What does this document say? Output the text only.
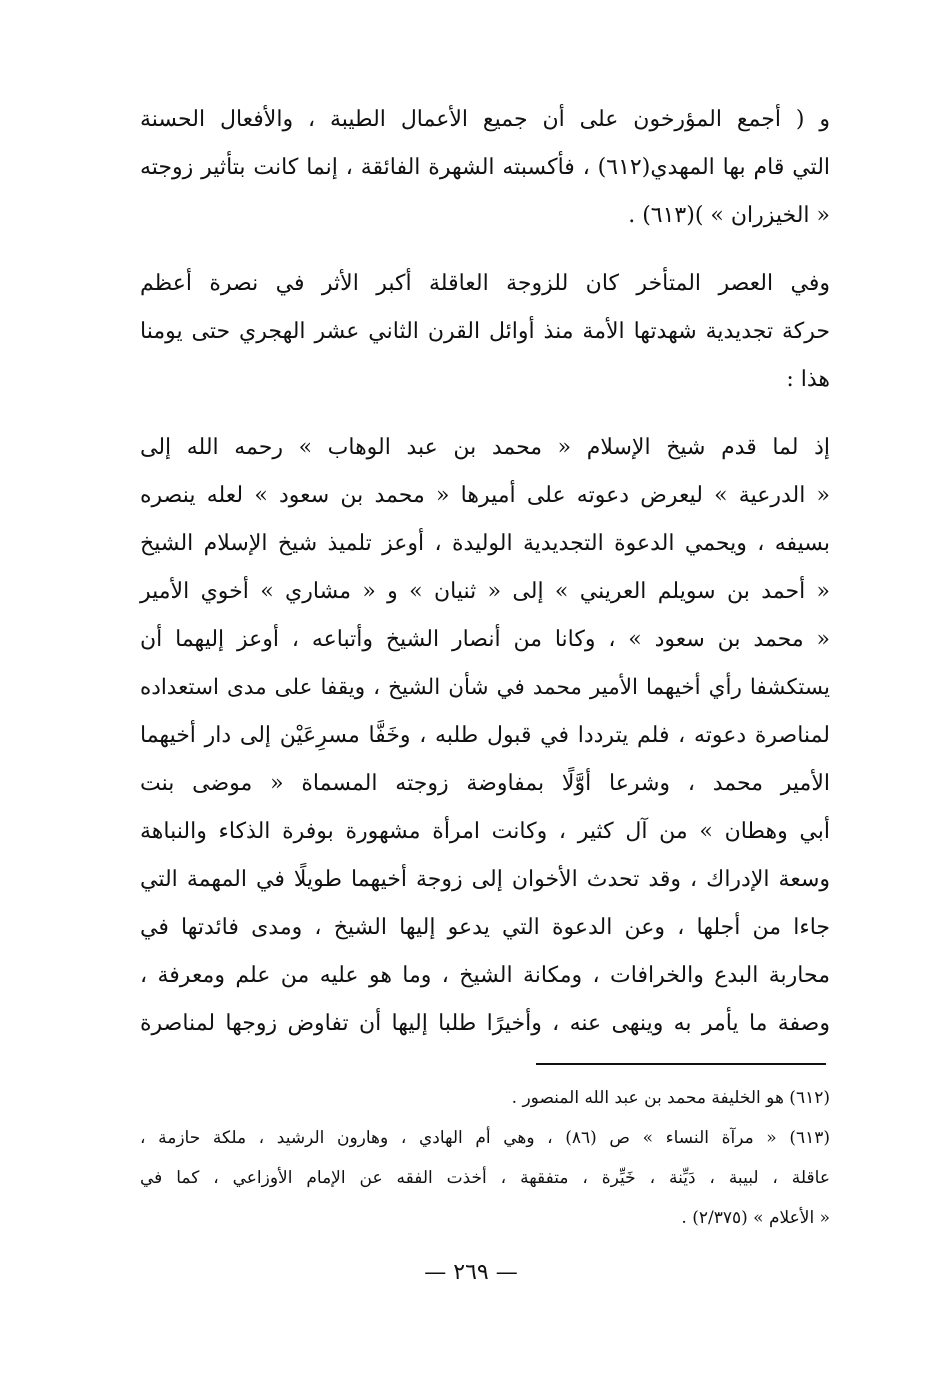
و ( أجمع المؤرخون على أن جميع الأعمال الطيبة ، والأفعال الحسنة
التي قام بها المهدي(٦١٢) ، فأكسبته الشهرة الفائقة ، إنما كانت بتأثير زوجته
« الخيزران » )(٦١٣) .
وفي العصر المتأخر كان للزوجة العاقلة أكبر الأثر في نصرة أعظم
حركة تجديدية شهدتها الأمة منذ أوائل القرن الثاني عشر الهجري حتى يومنا
هذا :
إذ لما قدم شيخ الإسلام « محمد بن عبد الوهاب » رحمه الله إلى
« الدرعية » ليعرض دعوته على أميرها « محمد بن سعود » لعله ينصره
بسيفه ، ويحمي الدعوة التجديدية الوليدة ، أوعز تلميذ شيخ الإسلام الشيخ
« أحمد بن سويلم العريني » إلى « ثنيان » و « مشاري » أخوي الأمير
« محمد بن سعود » ، وكانا من أنصار الشيخ وأتباعه ، أوعز إليهما أن
يستكشفا رأي أخيهما الأمير محمد في شأن الشيخ ، ويقفا على مدى استعداده
لمناصرة دعوته ، فلم يترددا في قبول طلبه ، وخَفَّا مسرِعَيْن إلى دار أخيهما
الأمير محمد ، وشرعا أوَّلًا بمفاوضة زوجته المسماة « موضى بنت
أبي وهطان » من آل كثير ، وكانت امرأة مشهورة بوفرة الذكاء والنباهة
وسعة الإدراك ، وقد تحدث الأخوان إلى زوجة أخيهما طويلًا في المهمة التي
جاءا من أجلها ، وعن الدعوة التي يدعو إليها الشيخ ، ومدى فائدتها في
محاربة البدع والخرافات ، ومكانة الشيخ ، وما هو عليه من علم ومعرفة ،
وصفة ما يأمر به وينهى عنه ، وأخيرًا طلبا إليها أن تفاوض زوجها لمناصرة
(٦١٢) هو الخليفة محمد بن عبد الله المنصور .
(٦١٣) « مرآة النساء » ص (٨٦) ، وهي أم الهادي ، وهارون الرشيد ، ملكة حازمة ،
عاقلة ، لبيبة ، دَيِّنة ، خَيِّرة ، متفقهة ، أخذت الفقه عن الإمام الأوزاعي ، كما في
« الأعلام » (٢/٣٧٥) .
— ٢٦٩ —
